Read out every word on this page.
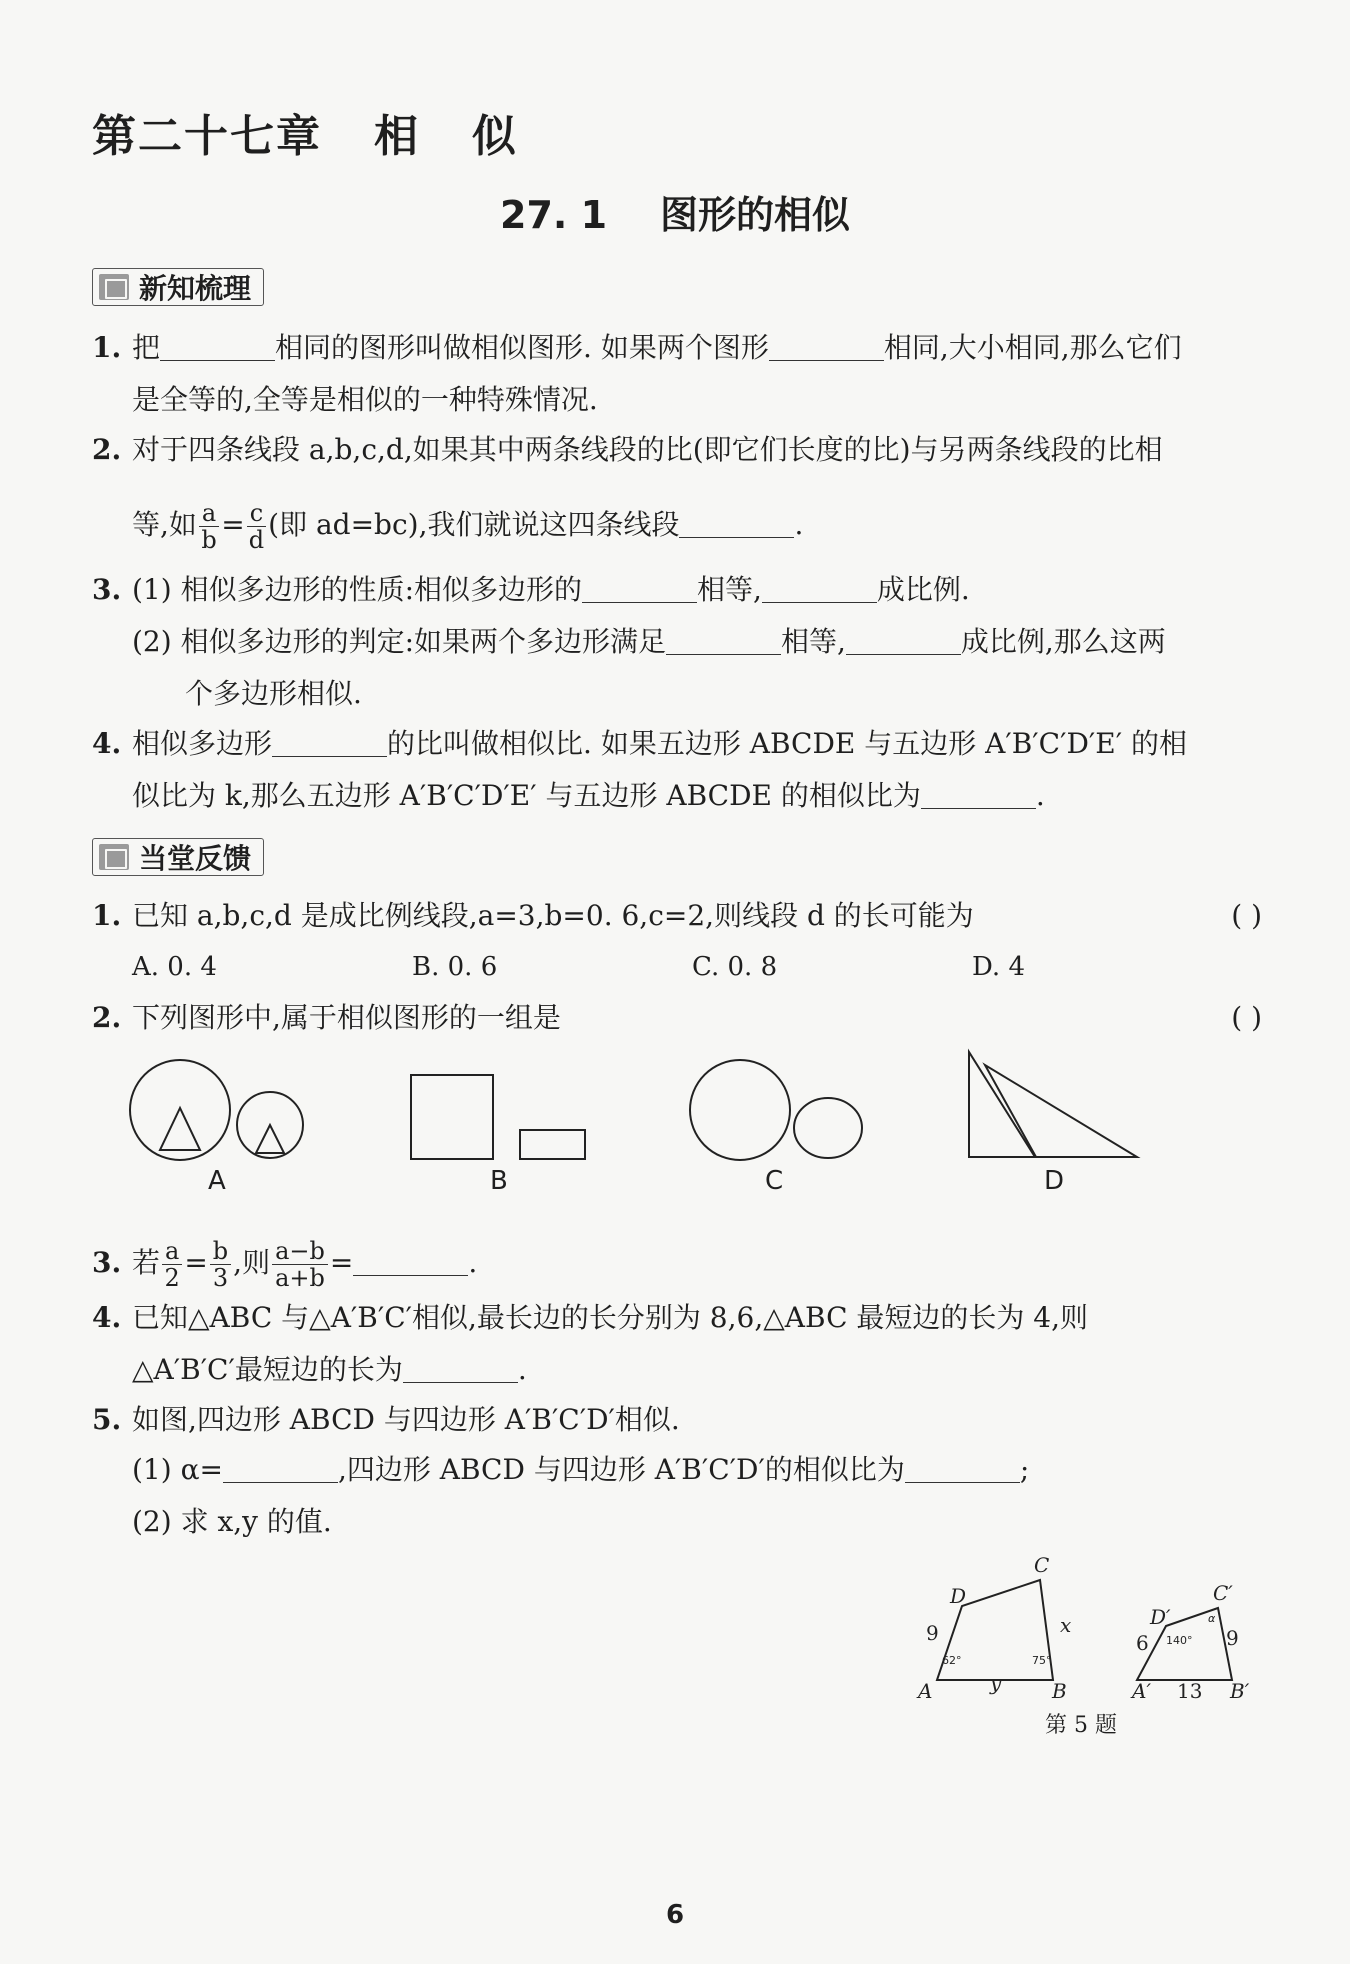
第二十七章   相   似
27. 1    图形的相似
新知梳理
1. 把	相同的图形叫做相似图形. 如果两个图形	相同,大小相同,那么它们
是全等的,全等是相似的一种特殊情况.
2. 对于四条线段 a,b,c,d,如果其中两条线段的比(即它们长度的比)与另两条线段的比相
等,如 $\frac{a}{b} = \frac{c}{d}$ (即 ad=bc),我们就说这四条线段	.
3. (1) 相似多边形的性质:相似多边形的	相等,	成比例.
(2) 相似多边形的判定:如果两个多边形满足	相等,	成比例,那么这两
个多边形相似.
4. 相似多边形	的比叫做相似比. 如果五边形 ABCDE 与五边形 A′B′C′D′E′ 的相
似比为 k,那么五边形 A′B′C′D′E′ 与五边形 ABCDE 的相似比为	.
当堂反馈
1. 已知 a,b,c,d 是成比例线段,a=3,b=0. 6,c=2,则线段 d 的长可能为	( )
A. 0. 4	B. 0. 6	C. 0. 8	D. 4
2. 下列图形中,属于相似图形的一组是	( )
A	B	C	D
3. 若 $\frac{a}{2} = \frac{b}{3}$ ,则 $\frac{a-b}{a+b}$ =	.
4. 已知△ABC 与△A′B′C′相似,最长边的长分别为 8,6,△ABC 最短边的长为 4,则
△A′B′C′最短边的长为	.
5. 如图,四边形 ABCD 与四边形 A′B′C′D′相似.
(1) α=	,四边形 ABCD 与四边形 A′B′C′D′的相似比为	;
(2) 求 x,y 的值.
A	B
C
D
x
y	A′	B′
C′
D′
9	6	9
13
62°	75°
140°
α
第 5 题
6
